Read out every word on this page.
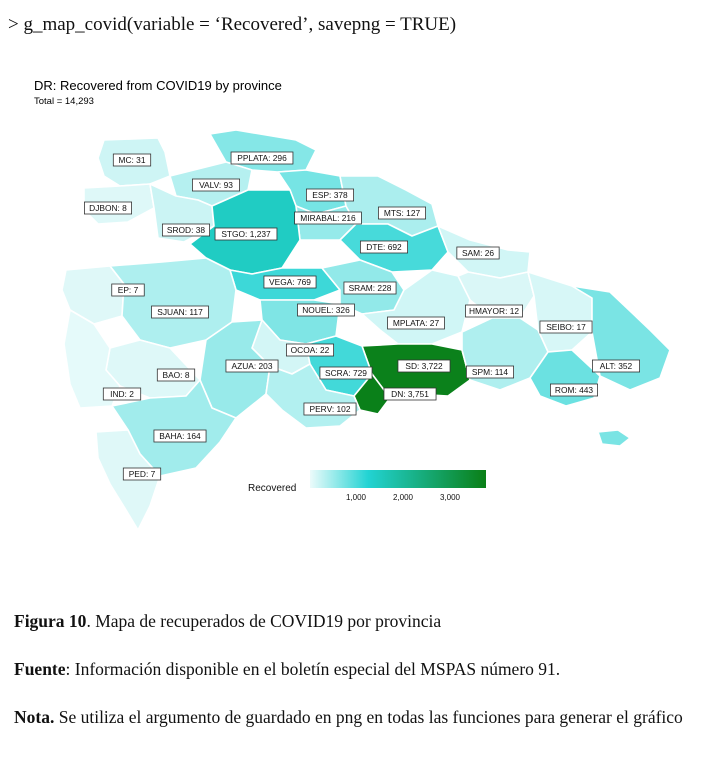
> g_map_covid(variable = ‘Recovered’, savepng = TRUE)
DR: Recovered from COVID19 by province
Total = 14,293
MC: 31	PPLATA: 296
VALV: 93
ESP: 378
DJBON: 8
MIRABAL: 216	MTS: 127
SROD: 38 STGO: 1,237
DTE: 692
SAM: 26
EP: 7
VEGA: 769
SRAM: 228
SJUAN: 117	NOUEL: 326	HMAYOR: 12
MPLATA: 27	SEIBO: 17
OCOA: 22
AZUA: 203	SD: 3,722	ALT: 352
BAO: 8	SCRA: 729	SPM: 114
IND: 2	DN: 3,751	ROM: 443
PERV: 102
BAHA: 164
PED: 7
Recovered
1,000	2,000	3,000
Figura 10. Mapa de recuperados de COVID19 por provincia
Fuente: Información disponible en el boletín especial del MSPAS número 91.
Nota. Se utiliza el argumento de guardado en png en todas las funciones para generar el gráfico
